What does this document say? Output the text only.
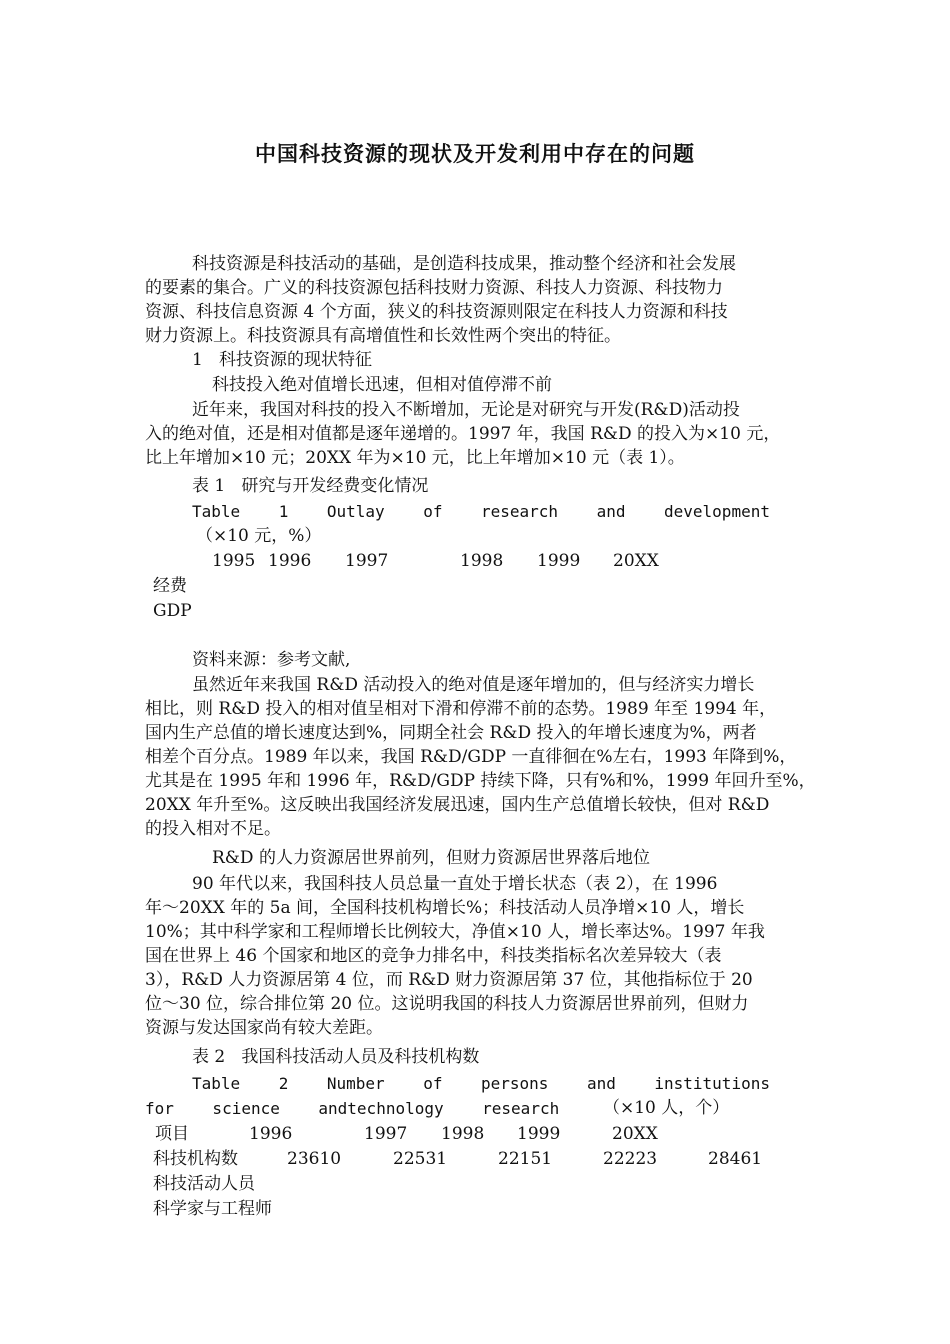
中国科技资源的现状及开发利用中存在的问题
科技资源是科技活动的基础，是创造科技成果，推动整个经济和社会发展
的要素的集合。广义的科技资源包括科技财力资源、科技人力资源、科技物力
资源、科技信息资源 4 个方面，狭义的科技资源则限定在科技人力资源和科技
财力资源上。科技资源具有高增值性和长效性两个突出的特征。
1   科技资源的现状特征
科技投入绝对值增长迅速，但相对值停滞不前
近年来，我国对科技的投入不断增加，无论是对研究与开发(R&D)活动投
入的绝对值，还是相对值都是逐年递增的。1997 年，我国 R&D 的投入为×10 元，
比上年增加×10 元；20XX 年为×10 元，比上年增加×10 元（表 1）。
表 1   研究与开发经费变化情况
Table    1    Outlay    of    research    and    development
（×10 元，%）
1995 1996 1997	1998 1999 20XX
经费
GDP
资料来源：参考文献,
虽然近年来我国 R&D 活动投入的绝对值是逐年增加的，但与经济实力增长
相比，则 R&D 投入的相对值呈相对下滑和停滞不前的态势。1989 年至 1994 年，
国内生产总值的增长速度达到%，同期全社会 R&D 投入的年增长速度为%，两者
相差个百分点。1989 年以来，我国 R&D/GDP 一直徘徊在%左右，1993 年降到%，
尤其是在 1995 年和 1996 年，R&D/GDP 持续下降，只有%和%，1999 年回升至%，
20XX 年升至%。这反映出我国经济发展迅速，国内生产总值增长较快，但对 R&D
的投入相对不足。
R&D 的人力资源居世界前列，但财力资源居世界落后地位
90 年代以来，我国科技人员总量一直处于增长状态（表 2），在 1996
年～20XX 年的 5a 间，全国科技机构增长%；科技活动人员净增×10 人，增长
10%；其中科学家和工程师增长比例较大，净值×10 人，增长率达%。1997 年我
国在世界上 46 个国家和地区的竞争力排名中，科技类指标名次差异较大（表
3），R&D 人力资源居第 4 位，而 R&D 财力资源居第 37 位，其他指标位于 20
位～30 位，综合排位第 20 位。这说明我国的科技人力资源居世界前列，但财力
资源与发达国家尚有较大差距。
表 2   我国科技活动人员及科技机构数
Table    2    Number    of    persons    and    institutions
for    science    andtechnology    research	（×10 人，个）
项目	1996	1997 1998 1999	20XX
科技机构数	23610	22531	22151	22223	28461
科技活动人员
科学家与工程师
